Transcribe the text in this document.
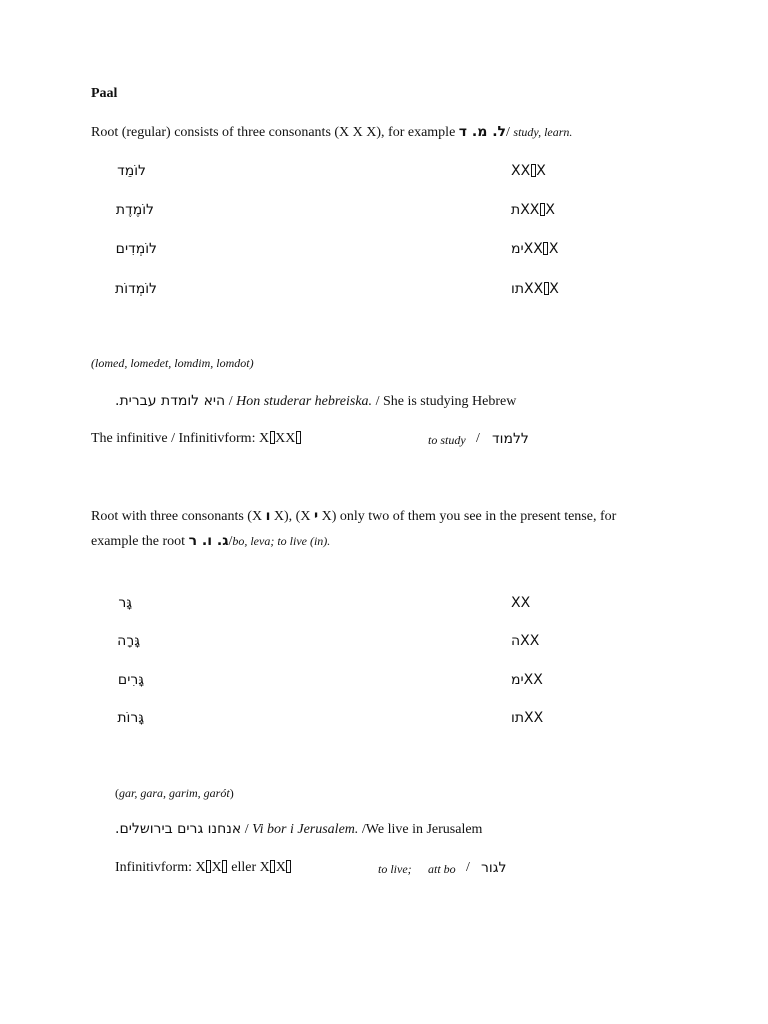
Paal
Root (regular) consists of three consonants (X X X), for example ל. מ. ד/ study, learn.
לוֹמֵד	XX X
לוֹמֶדֶת	תXX X
לוֹמְדִים	ימXX X
לוֹמְדוֹת	תוXX X
(lomed, lomedet, lomdim, lomdot)
היא לומדת עברית. / Hon studerar hebreiska. / She is studying Hebrew
The infinitive / Infinitivform: X XX	to study / ללמוד
Root with three consonants (X ו X), (X י X) only two of them you see in the present tense, for
example the root ג. ו. ר/bo, leva; to live (in).
גָּר	XX
גָּרָה	הXX
גָּרִים	ימXX
גָּרוֹת	תוXX
(gar, gara, garim, garót)
אנחנו גרים בירושלים. / Vi bor i Jerusalem. /We live in Jerusalem
Infinitivform: X X eller X X	to live; att bo / לגור
